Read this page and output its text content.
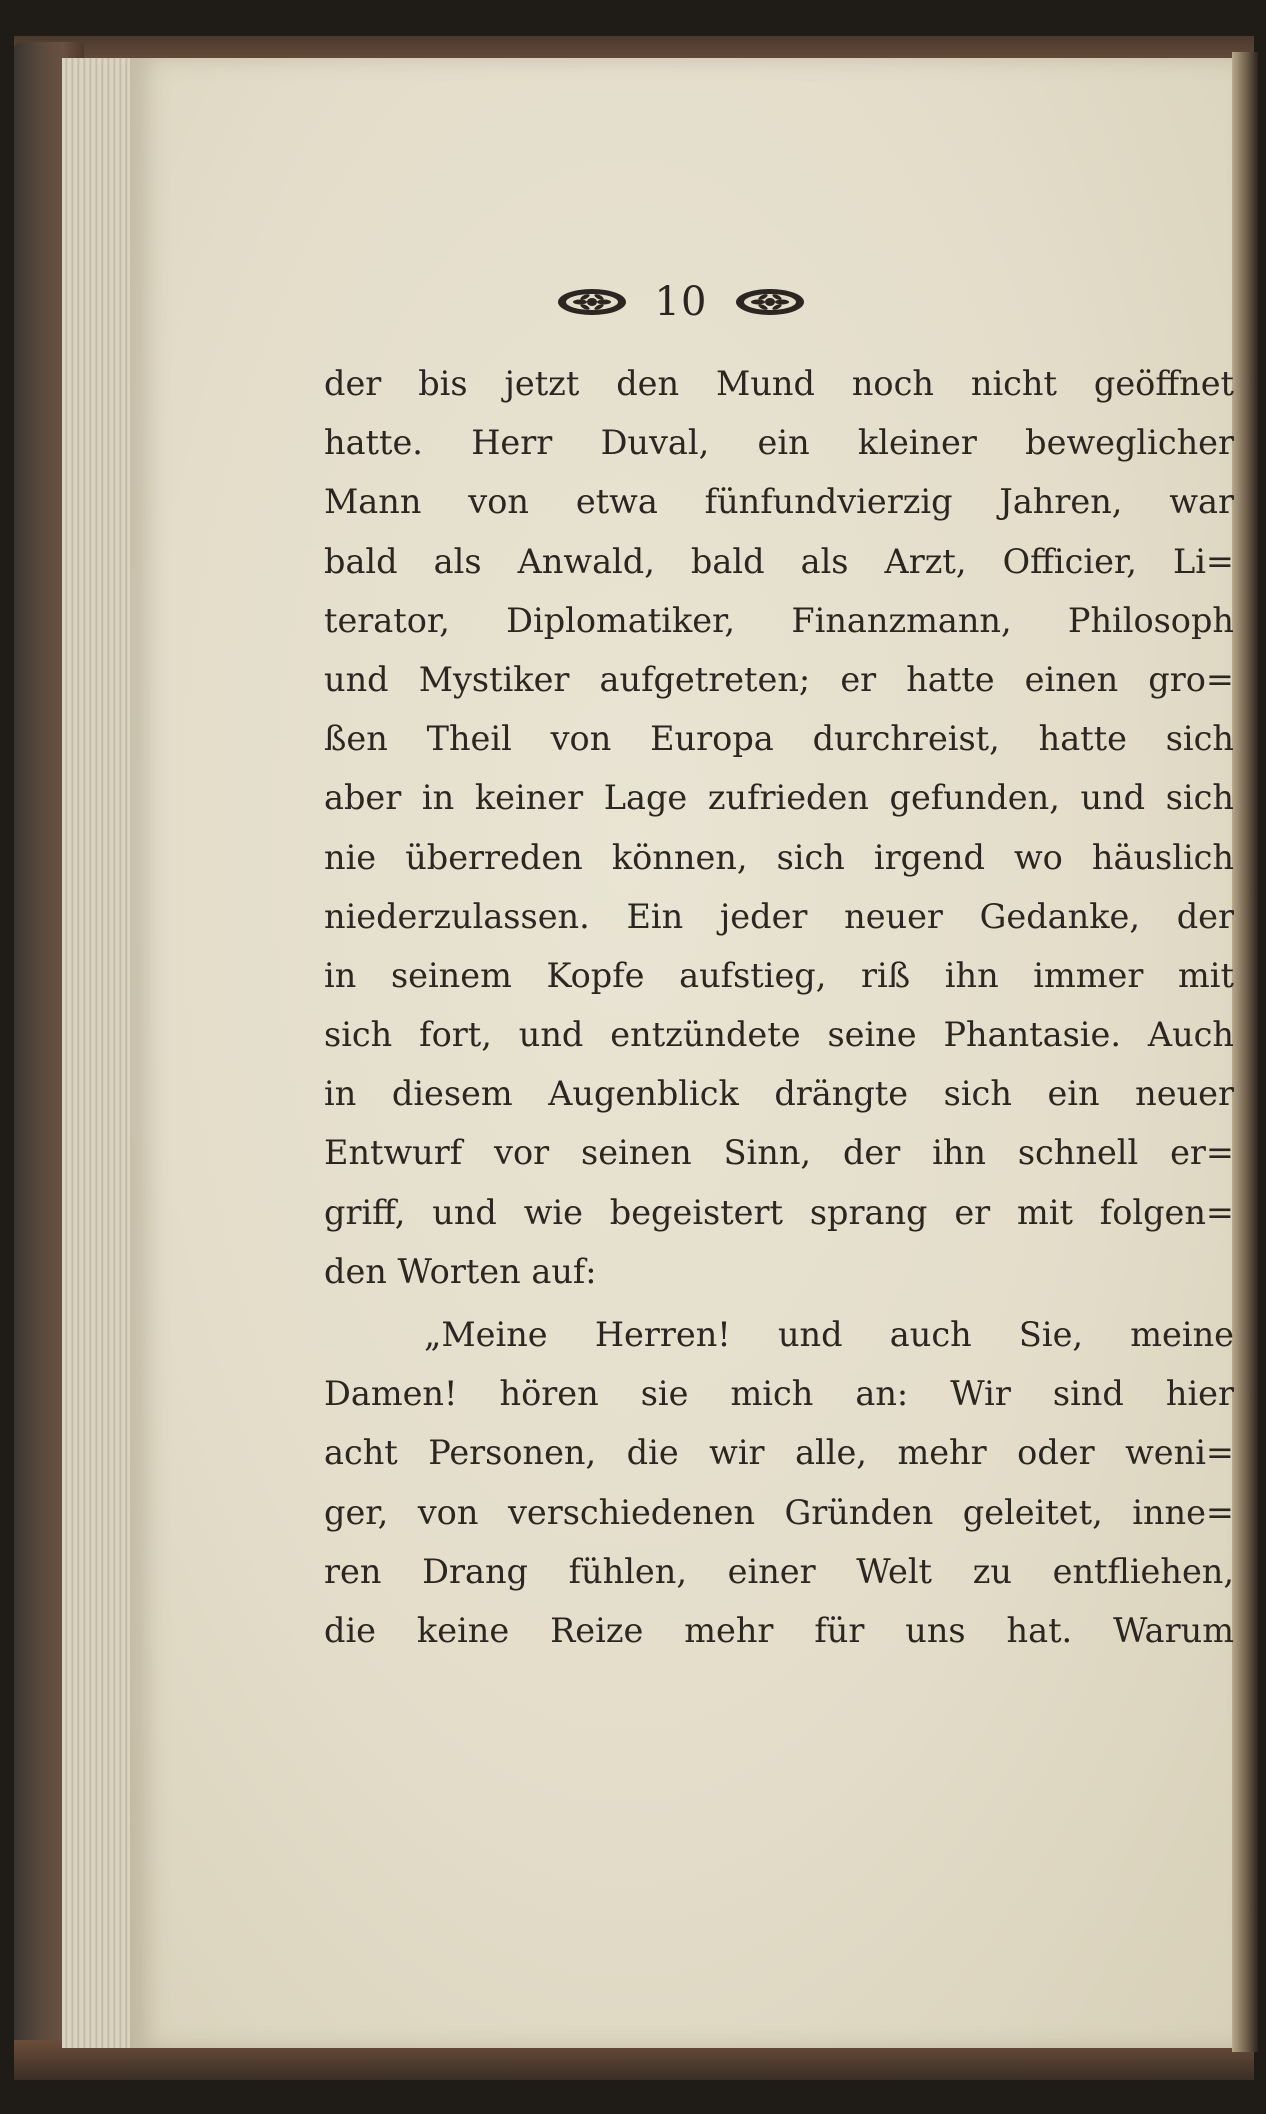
10
der bis jetzt den Mund noch nicht geöffnet
hatte. Herr Duval, ein kleiner beweglicher
Mann von etwa fünfundvierzig Jahren, war
bald als Anwald, bald als Arzt, Officier, Li=
terator, Diplomatiker, Finanzmann, Philosoph
und Mystiker aufgetreten; er hatte einen gro=
ßen Theil von Europa durchreist, hatte sich
aber in keiner Lage zufrieden gefunden, und sich
nie überreden können, sich irgend wo häuslich
niederzulassen. Ein jeder neuer Gedanke, der
in seinem Kopfe aufstieg, riß ihn immer mit
sich fort, und entzündete seine Phantasie. Auch
in diesem Augenblick drängte sich ein neuer
Entwurf vor seinen Sinn, der ihn schnell er=
griff, und wie begeistert sprang er mit folgen=
den Worten auf:
„Meine Herren! und auch Sie, meine
Damen! hören sie mich an: Wir sind hier
acht Personen, die wir alle, mehr oder weni=
ger, von verschiedenen Gründen geleitet, inne=
ren Drang fühlen, einer Welt zu entfliehen,
die keine Reize mehr für uns hat. Warum
